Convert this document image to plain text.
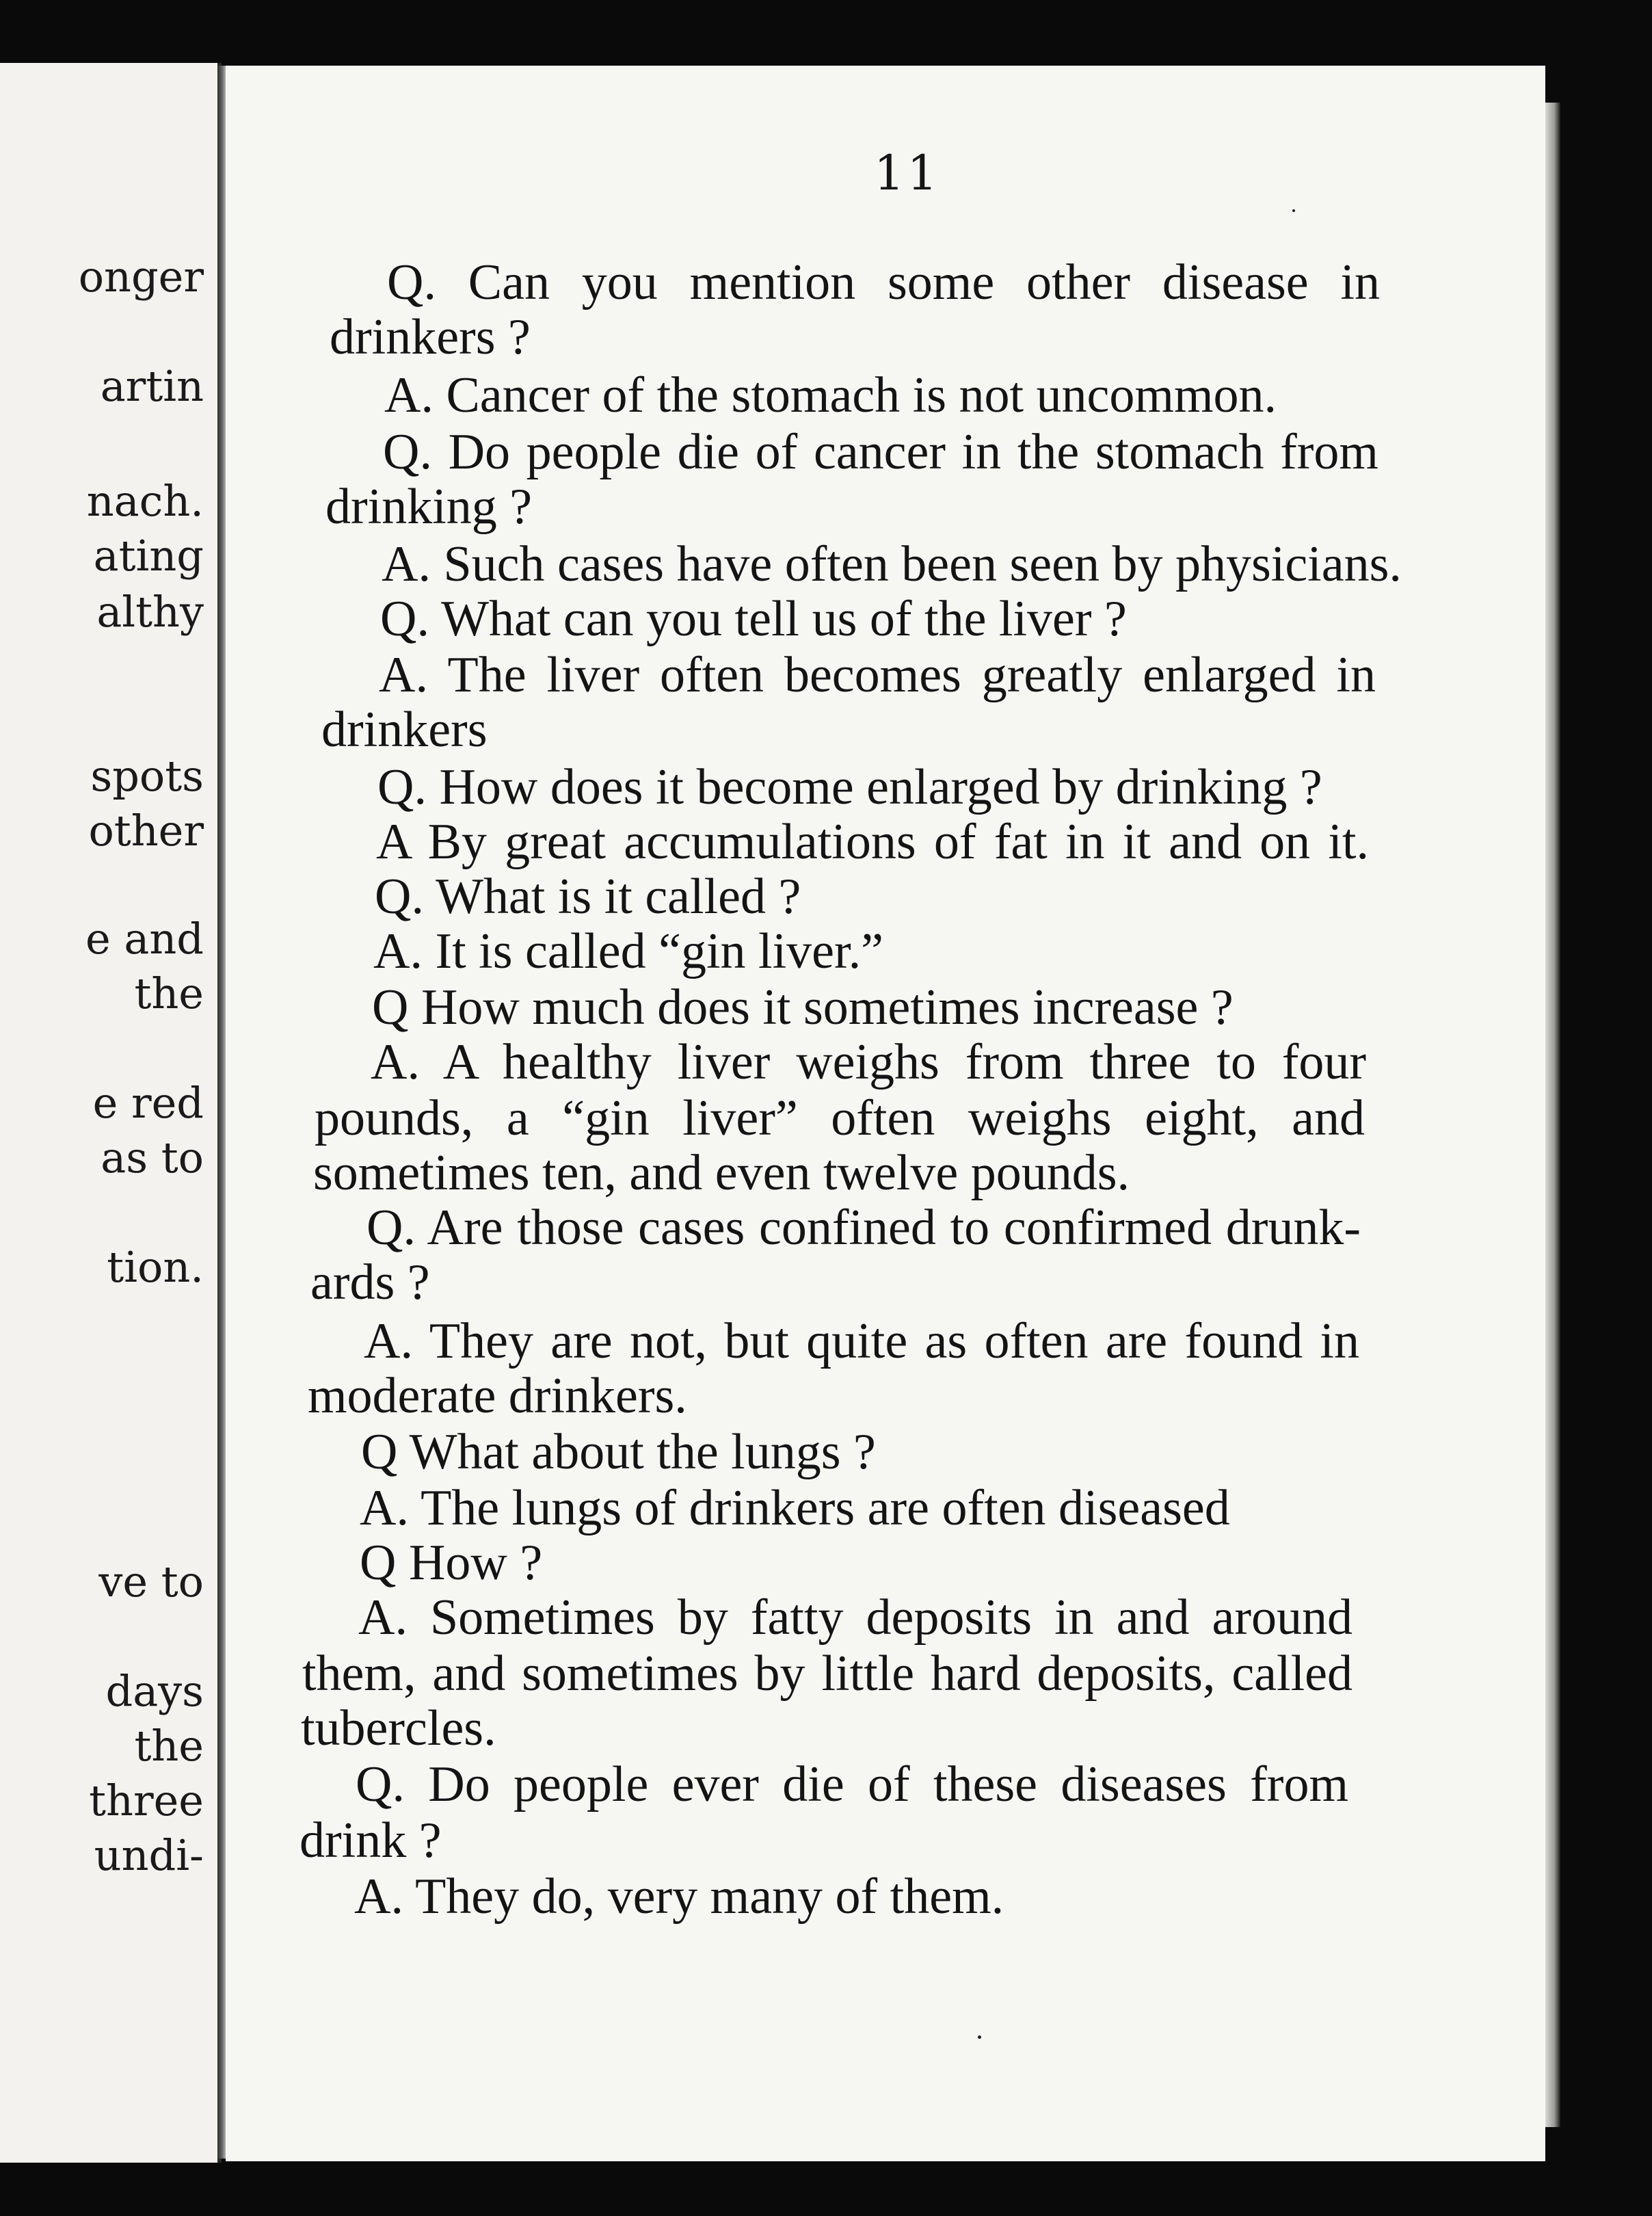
onger
artin
nach.
ating
althy
spots
other
e and
the
e red
as to
tion.
ve to
days
the
three
undi-
11
Q. Can you mention some other disease in
drinkers ?
A. Cancer of the stomach is not uncommon.
Q. Do people die of cancer in the stomach from
drinking ?
A. Such cases have often been seen by physicians.
Q. What can you tell us of the liver ?
A. The liver often becomes greatly enlarged in
drinkers
Q. How does it become enlarged by drinking ?
A By great accumulations of fat in it and on it.
Q. What is it called ?
A. It is called “gin liver.”
Q How much does it sometimes increase ?
A. A healthy liver weighs from three to four
pounds, a “gin liver” often weighs eight, and
sometimes ten, and even twelve pounds.
Q. Are those cases confined to confirmed drunk-
ards ?
A. They are not, but quite as often are found in
moderate drinkers.
Q What about the lungs ?
A. The lungs of drinkers are often diseased
Q How ?
A. Sometimes by fatty deposits in and around
them, and sometimes by little hard deposits, called
tubercles.
Q. Do people ever die of these diseases from
drink ?
A. They do, very many of them.
